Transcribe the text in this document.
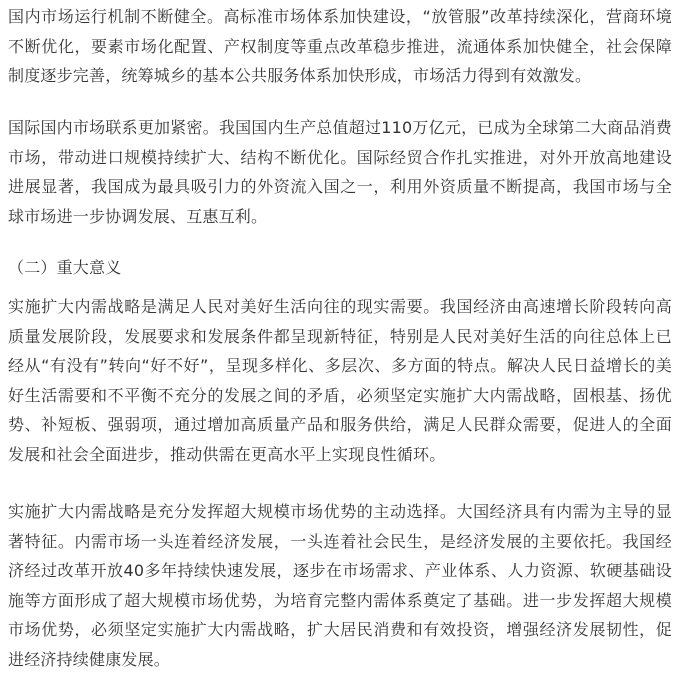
国内市场运行机制不断健全。高标准市场体系加快建设，“放管服”改革持续深化，营商环境不断优化，要素市场化配置、产权制度等重点改革稳步推进，流通体系加快健全，社会保障制度逐步完善，统筹城乡的基本公共服务体系加快形成，市场活力得到有效激发。

国际国内市场联系更加紧密。我国国内生产总值超过110万亿元，已成为全球第二大商品消费市场，带动进口规模持续扩大、结构不断优化。国际经贸合作扎实推进，对外开放高地建设进展显著，我国成为最具吸引力的外资流入国之一，利用外资质量不断提高，我国市场与全球市场进一步协调发展、互惠互利。

（二）重大意义

实施扩大内需战略是满足人民对美好生活向往的现实需要。我国经济由高速增长阶段转向高质量发展阶段，发展要求和发展条件都呈现新特征，特别是人民对美好生活的向往总体上已经从“有没有”转向“好不好”，呈现多样化、多层次、多方面的特点。解决人民日益增长的美好生活需要和不平衡不充分的发展之间的矛盾，必须坚定实施扩大内需战略，固根基、扬优势、补短板、强弱项，通过增加高质量产品和服务供给，满足人民群众需要，促进人的全面发展和社会全面进步，推动供需在更高水平上实现良性循环。

实施扩大内需战略是充分发挥超大规模市场优势的主动选择。大国经济具有内需为主导的显著特征。内需市场一头连着经济发展，一头连着社会民生，是经济发展的主要依托。我国经济经过改革开放40多年持续快速发展，逐步在市场需求、产业体系、人力资源、软硬基础设施等方面形成了超大规模市场优势，为培育完整内需体系奠定了基础。进一步发挥超大规模市场优势，必须坚定实施扩大内需战略，扩大居民消费和有效投资，增强经济发展韧性，促进经济持续健康发展。
